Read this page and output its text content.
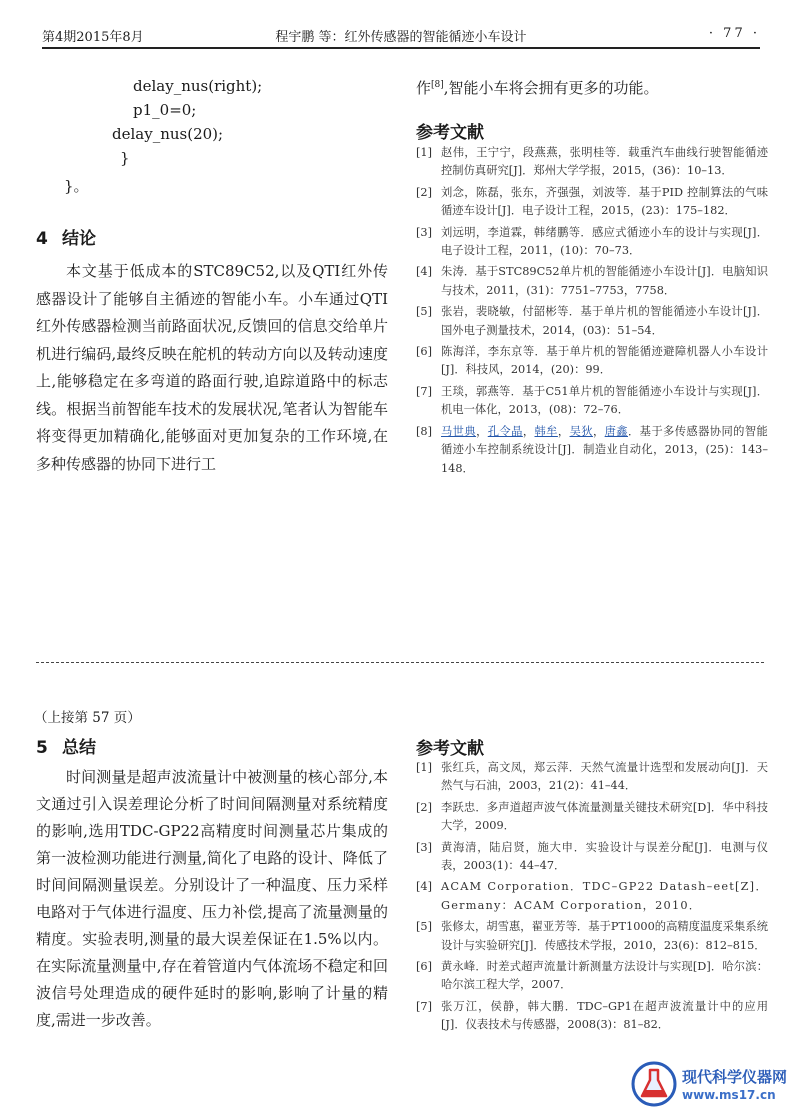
第4期2015年8月	程宇鹏 等：红外传感器的智能循迹小车设计	· 77 ·
delay_nus(right);
p1_0=0;
delay_nus(20);
}
}。
4 结论

本文基于低成本的STC89C52,以及QTI红外传感器设计了能够自主循迹的智能小车。小车通过QTI红外传感器检测当前路面状况,反馈回的信息交给单片机进行编码,最终反映在舵机的转动方向以及转动速度上,能够稳定在多弯道的路面行驶,追踪道路中的标志线。根据当前智能车技术的发展状况,笔者认为智能车将变得更加精确化,能够面对更加复杂的工作环境,在多种传感器的协同下进行工

作[8],智能小车将会拥有更多的功能。
参考文献
[1] 赵伟，王宁宁，段燕燕，张明桂等．载重汽车曲线行驶智能循迹控制仿真研究[J]．郑州大学学报，2015，(36)：10–13．
[2] 刘念，陈磊，张东，齐强强，刘波等．基于PID 控制算法的气味循迹车设计[J]．电子设计工程，2015，(23)：175–182．
[3] 刘远明，李道霖，韩绪鹏等．感应式循迹小车的设计与实现[J]．电子设计工程，2011，(10)：70–73．
[4] 朱涛．基于STC89C52单片机的智能循迹小车设计[J]．电脑知识与技术，2011，(31)：7751–7753，7758．
[5] 张岩，裴晓敏，付韶彬等．基于单片机的智能循迹小车设计[J]．国外电子测量技术，2014，(03)：51–54．
[6] 陈海洋，李东京等．基于单片机的智能循迹避障机器人小车设计[J]．科技风，2014，(20)：99．
[7] 王琰，郭燕等．基于C51单片机的智能循迹小车设计与实现[J]．机电一体化，2013，(08)：72–76．
[8] 马世典，孔令晶，韩牟，吴狄，唐鑫．基于多传感器协同的智能循迹小车控制系统设计[J]．制造业自动化，2013，(25)：143–148．
（上接第 57 页）
5 总结

时间测量是超声波流量计中被测量的核心部分,本文通过引入误差理论分析了时间间隔测量对系统精度的影响,选用TDC-GP22高精度时间测量芯片集成的第一波检测功能进行测量,简化了电路的设计、降低了时间间隔测量误差。分别设计了一种温度、压力采样电路对于气体进行温度、压力补偿,提高了流量测量的精度。实验表明,测量的最大误差保证在1.5%以内。在实际流量测量中,存在着管道内气体流场不稳定和回波信号处理造成的硬件延时的影响,影响了计量的精度,需进一步改善。

参考文献
[1] 张红兵，高文凤，郑云萍．天然气流量计选型和发展动向[J]．天然气与石油，2003，21(2)：41–44．
[2] 李跃忠．多声道超声波气体流量测量关键技术研究[D]．华中科技大学，2009．
[3] 黄海清，陆启贤，施大申．实验设计与误差分配[J]．电测与仪表，2003(1)：44–47．
[4] ACAM Corporation．TDC–GP22 Datash–eet[Z]．Germany：ACAM Corporation，2010．
[5] 张修太，胡雪惠，翟亚芳等．基于PT1000的高精度温度采集系统设计与实验研究[J]．传感技术学报，2010，23(6)：812–815．
[6] 黄永峰．时差式超声流量计新测量方法设计与实现[D]．哈尔滨：哈尔滨工程大学，2007．
[7] 张万江，侯静，韩大鹏．TDC–GP1在超声波流量计中的应用[J]．仪表技术与传感器，2008(3)：81–82．
现代科学仪器网
www.ms17.cn
